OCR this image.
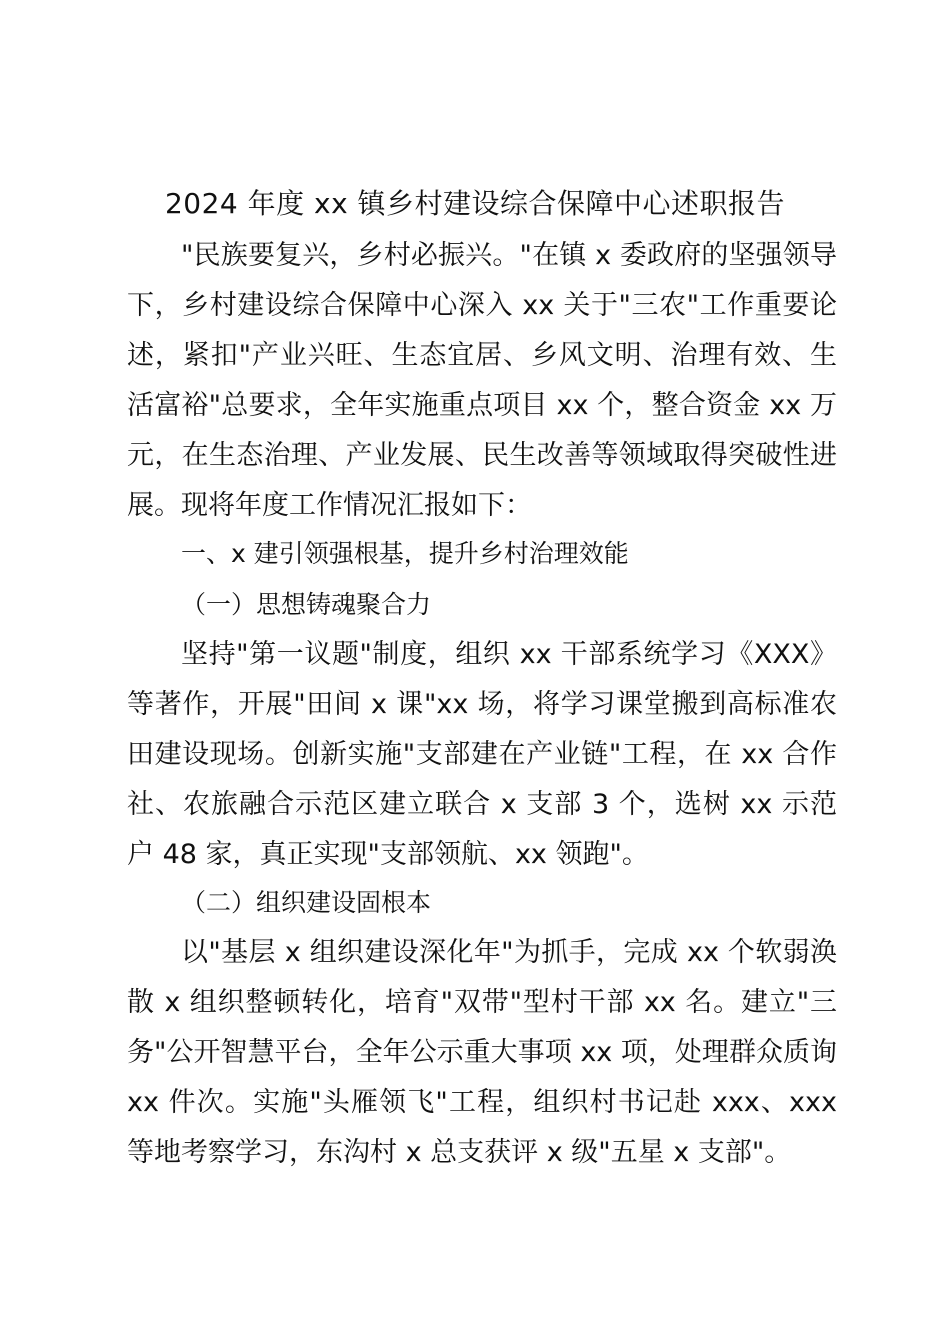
2024 年度 xx 镇乡村建设综合保障中心述职报告

"民族要复兴，乡村必振兴。"在镇 x 委政府的坚强领导下，乡村建设综合保障中心深入 xx 关于"三农"工作重要论述，紧扣"产业兴旺、生态宜居、乡风文明、治理有效、生活富裕"总要求，全年实施重点项目 xx 个，整合资金 xx 万元，在生态治理、产业发展、民生改善等领域取得突破性进展。现将年度工作情况汇报如下：

一、x 建引领强根基，提升乡村治理效能
（一）思想铸魂聚合力

坚持"第一议题"制度，组织 xx 干部系统学习《XXX》等著作，开展"田间 x 课"xx 场，将学习课堂搬到高标准农田建设现场。创新实施"支部建在产业链"工程，在 xx 合作社、农旅融合示范区建立联合 x 支部 3 个，选树 xx 示范户 48 家，真正实现"支部领航、xx 领跑"。

（二）组织建设固根本

以"基层 x 组织建设深化年"为抓手，完成 xx 个软弱涣散 x 组织整顿转化，培育"双带"型村干部 xx 名。建立"三务"公开智慧平台，全年公示重大事项 xx 项，处理群众质询 xx 件次。实施"头雁领飞"工程，组织村书记赴 xxx、xxx 等地考察学习，东沟村 x 总支获评 x 级"五星 x 支部"。
